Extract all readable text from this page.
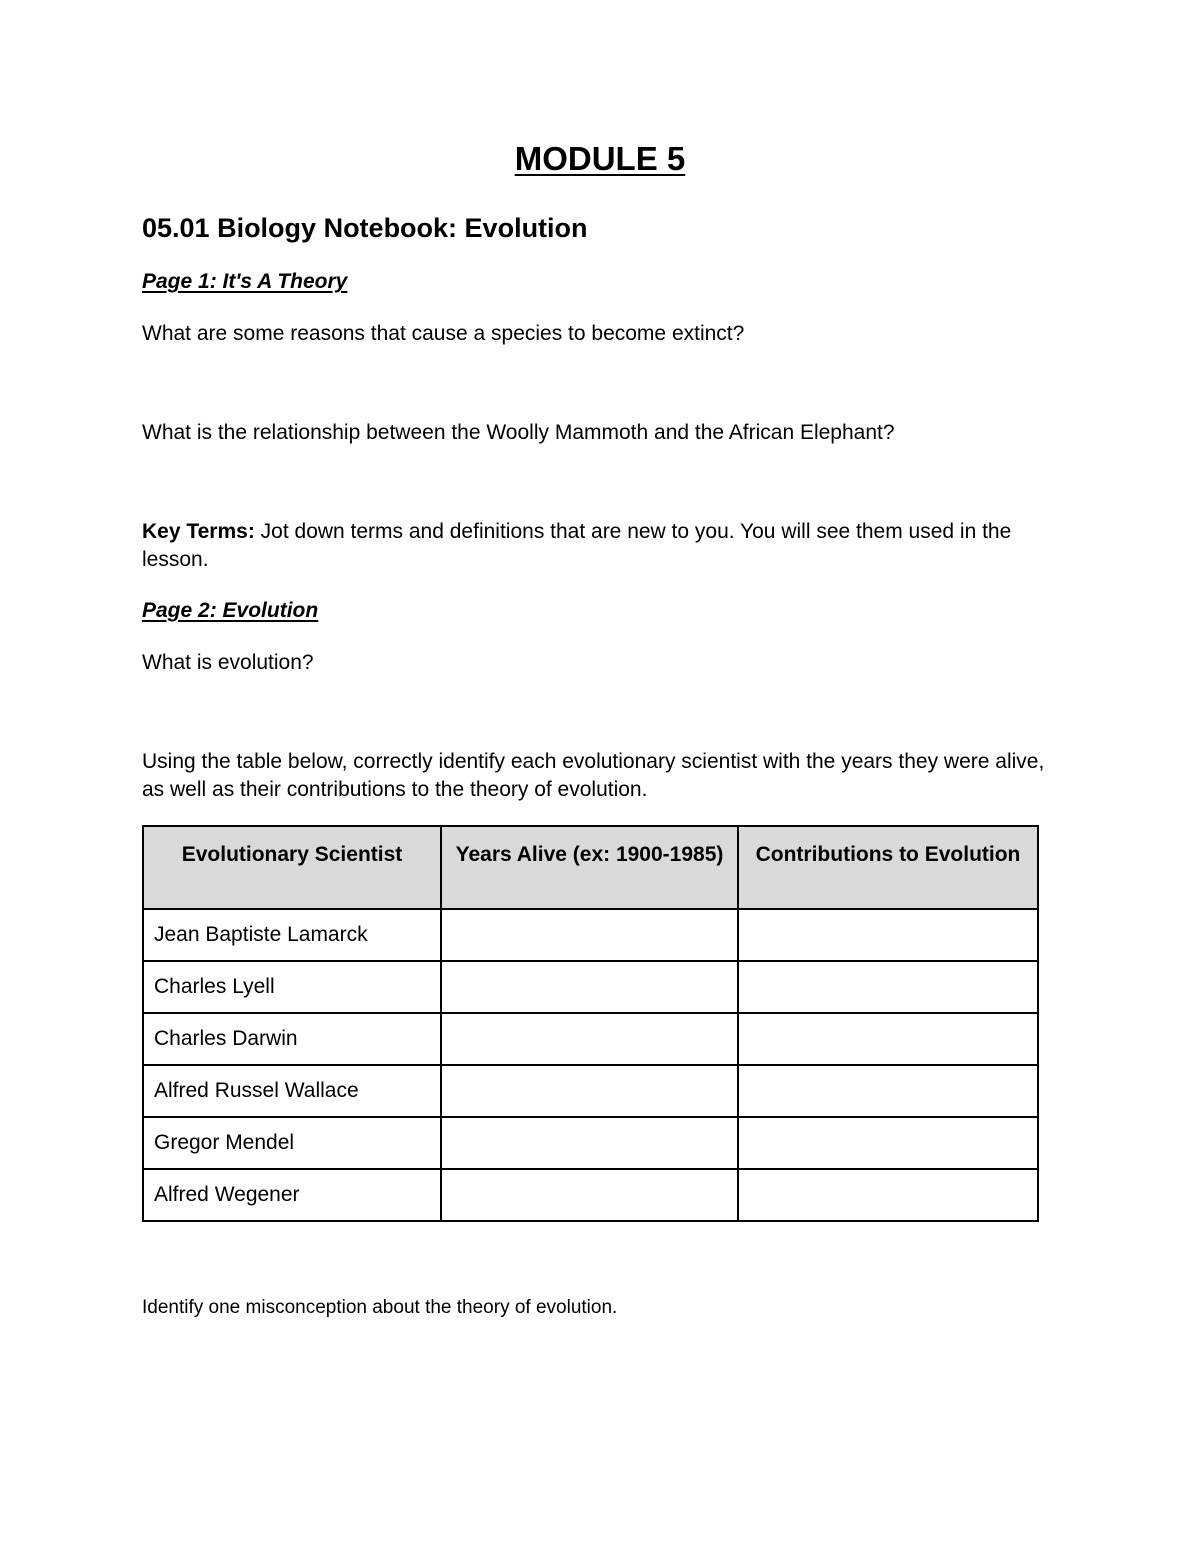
MODULE 5
05.01 Biology Notebook: Evolution
Page 1: It's A Theory

What are some reasons that cause a species to become extinct?

What is the relationship between the Woolly Mammoth and the African Elephant?

Key Terms: Jot down terms and definitions that are new to you. You will see them used in the lesson.

Page 2: Evolution

What is evolution?

Using the table below, correctly identify each evolutionary scientist with the years they were alive, as well as their contributions to the theory of evolution.

Evolutionary Scientist	Years Alive (ex: 1900-1985)	Contributions to Evolution
Jean Baptiste Lamarck		
Charles Lyell		
Charles Darwin		
Alfred Russel Wallace		
Gregor Mendel		
Alfred Wegener		

Identify one misconception about the theory of evolution.
